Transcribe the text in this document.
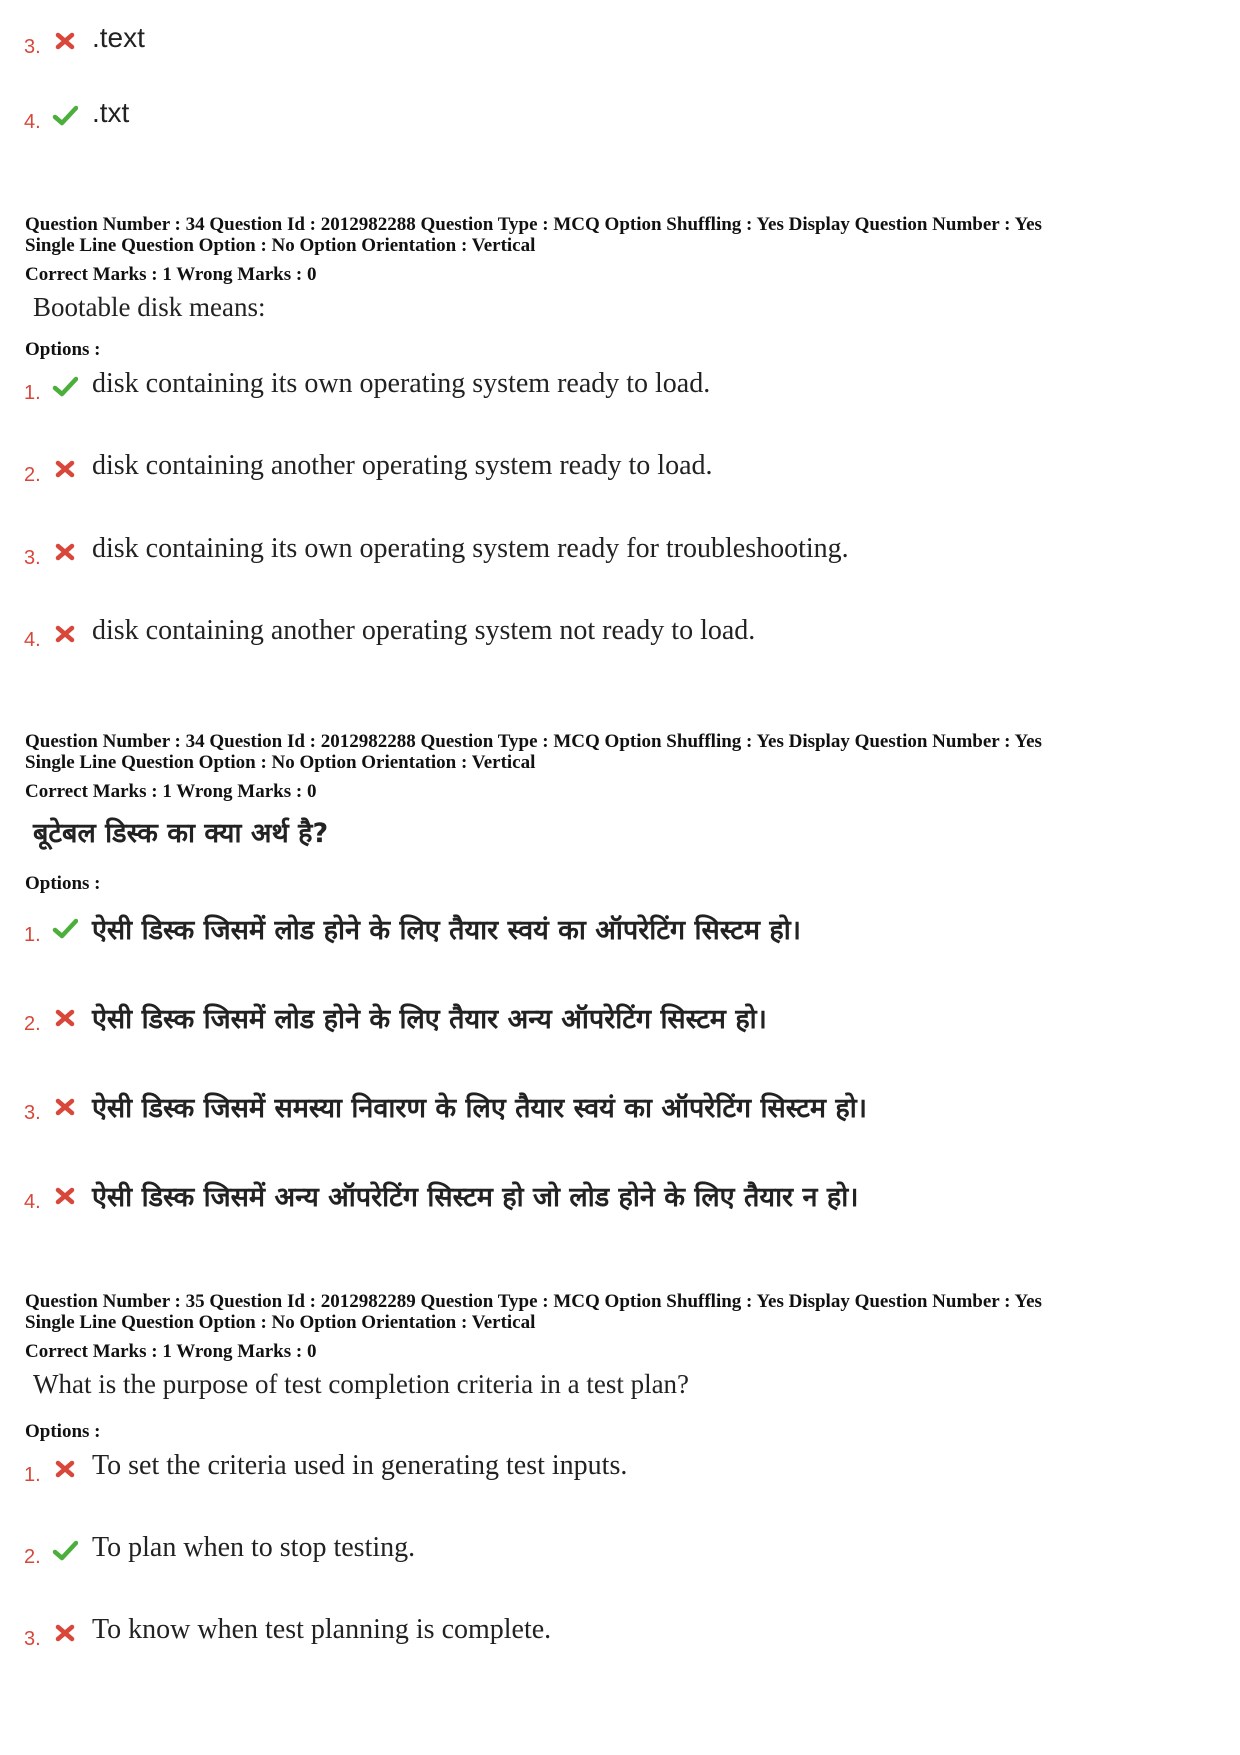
3. .text
4. .txt
Question Number : 34 Question Id : 2012982288 Question Type : MCQ Option Shuffling : Yes Display Question Number : Yes
Single Line Question Option : No Option Orientation : Vertical
Correct Marks : 1 Wrong Marks : 0
Bootable disk means:
Options :
1. disk containing its own operating system ready to load.
2. disk containing another operating system ready to load.
3. disk containing its own operating system ready for troubleshooting.
4. disk containing another operating system not ready to load.
Question Number : 34 Question Id : 2012982288 Question Type : MCQ Option Shuffling : Yes Display Question Number : Yes
Single Line Question Option : No Option Orientation : Vertical
Correct Marks : 1 Wrong Marks : 0
बूटेबल डिस्क का क्या अर्थ है?
Options :
1. ऐसी डिस्क जिसमें लोड होने के लिए तैयार स्वयं का ऑपरेटिंग सिस्टम हो।
2. ऐसी डिस्क जिसमें लोड होने के लिए तैयार अन्य ऑपरेटिंग सिस्टम हो।
3. ऐसी डिस्क जिसमें समस्या निवारण के लिए तैयार स्वयं का ऑपरेटिंग सिस्टम हो।
4. ऐसी डिस्क जिसमें अन्य ऑपरेटिंग सिस्टम हो जो लोड होने के लिए तैयार न हो।
Question Number : 35 Question Id : 2012982289 Question Type : MCQ Option Shuffling : Yes Display Question Number : Yes
Single Line Question Option : No Option Orientation : Vertical
Correct Marks : 1 Wrong Marks : 0
What is the purpose of test completion criteria in a test plan?
Options :
1. To set the criteria used in generating test inputs.
2. To plan when to stop testing.
3. To know when test planning is complete.
